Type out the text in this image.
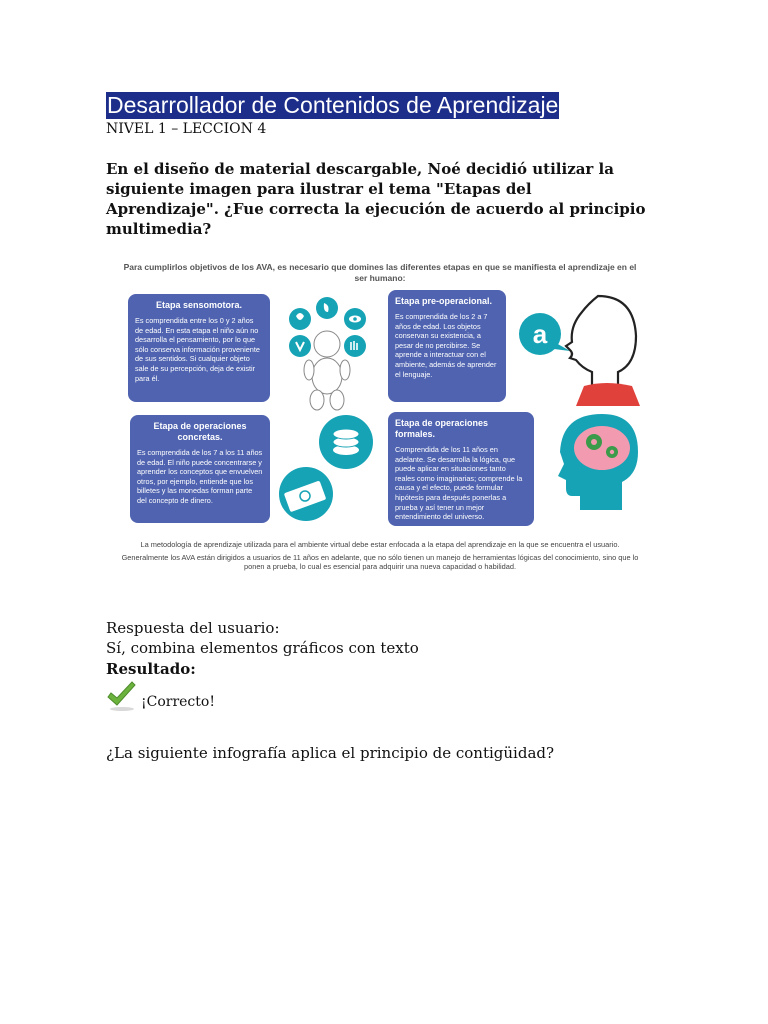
Desarrollador de Contenidos de Aprendizaje
NIVEL 1 – LECCION 4
En el diseño de material descargable, Noé decidió utilizar la siguiente imagen para ilustrar el tema "Etapas del Aprendizaje". ¿Fue correcta la ejecución de acuerdo al principio multimedia?
Para cumplirlos objetivos de los AVA, es necesario que domines las diferentes etapas en que se manifiesta el aprendizaje en el ser humano:
Etapa sensomotora.
Es comprendida entre los 0 y 2 años de edad. En esta etapa el niño aún no desarrolla el pensamiento, por lo que sólo conserva información proveniente de sus sentidos. Si cualquier objeto sale de su percepción, deja de existir para él.
Etapa pre-operacional.
Es comprendida de los 2 a 7 años de edad. Los objetos conservan su existencia, a pesar de no percibirse. Se aprende a interactuar con el ambiente, además de aprender el lenguaje.
a
Etapa de operaciones concretas.
Es comprendida de los 7 a los 11 años de edad. El niño puede concentrarse y aprender los conceptos que envuelven otros, por ejemplo, entiende que los billetes y las monedas forman parte del concepto de dinero.
Etapa de operaciones formales.
Comprendida de los 11 años en adelante. Se desarrolla la lógica, que puede aplicar en situaciones tanto reales como imaginarias; comprende la causa y el efecto, puede formular hipótesis para después ponerlas a prueba y así tener un mejor entendimiento del universo.

La metodología de aprendizaje utilizada para el ambiente virtual debe estar enfocada a la etapa del aprendizaje en la que se encuentra el usuario.

Generalmente los AVA están dirigidos a usuarios de 11 años en adelante, que no sólo tienen un manejo de herramientas lógicas del conocimiento, sino que lo ponen a prueba, lo cual es esencial para adquirir una nueva capacidad o habilidad.

Respuesta del usuario:
Sí, combina elementos gráficos con texto
Resultado:
¡Correcto!
¿La siguiente infografía aplica el principio de contigüidad?
